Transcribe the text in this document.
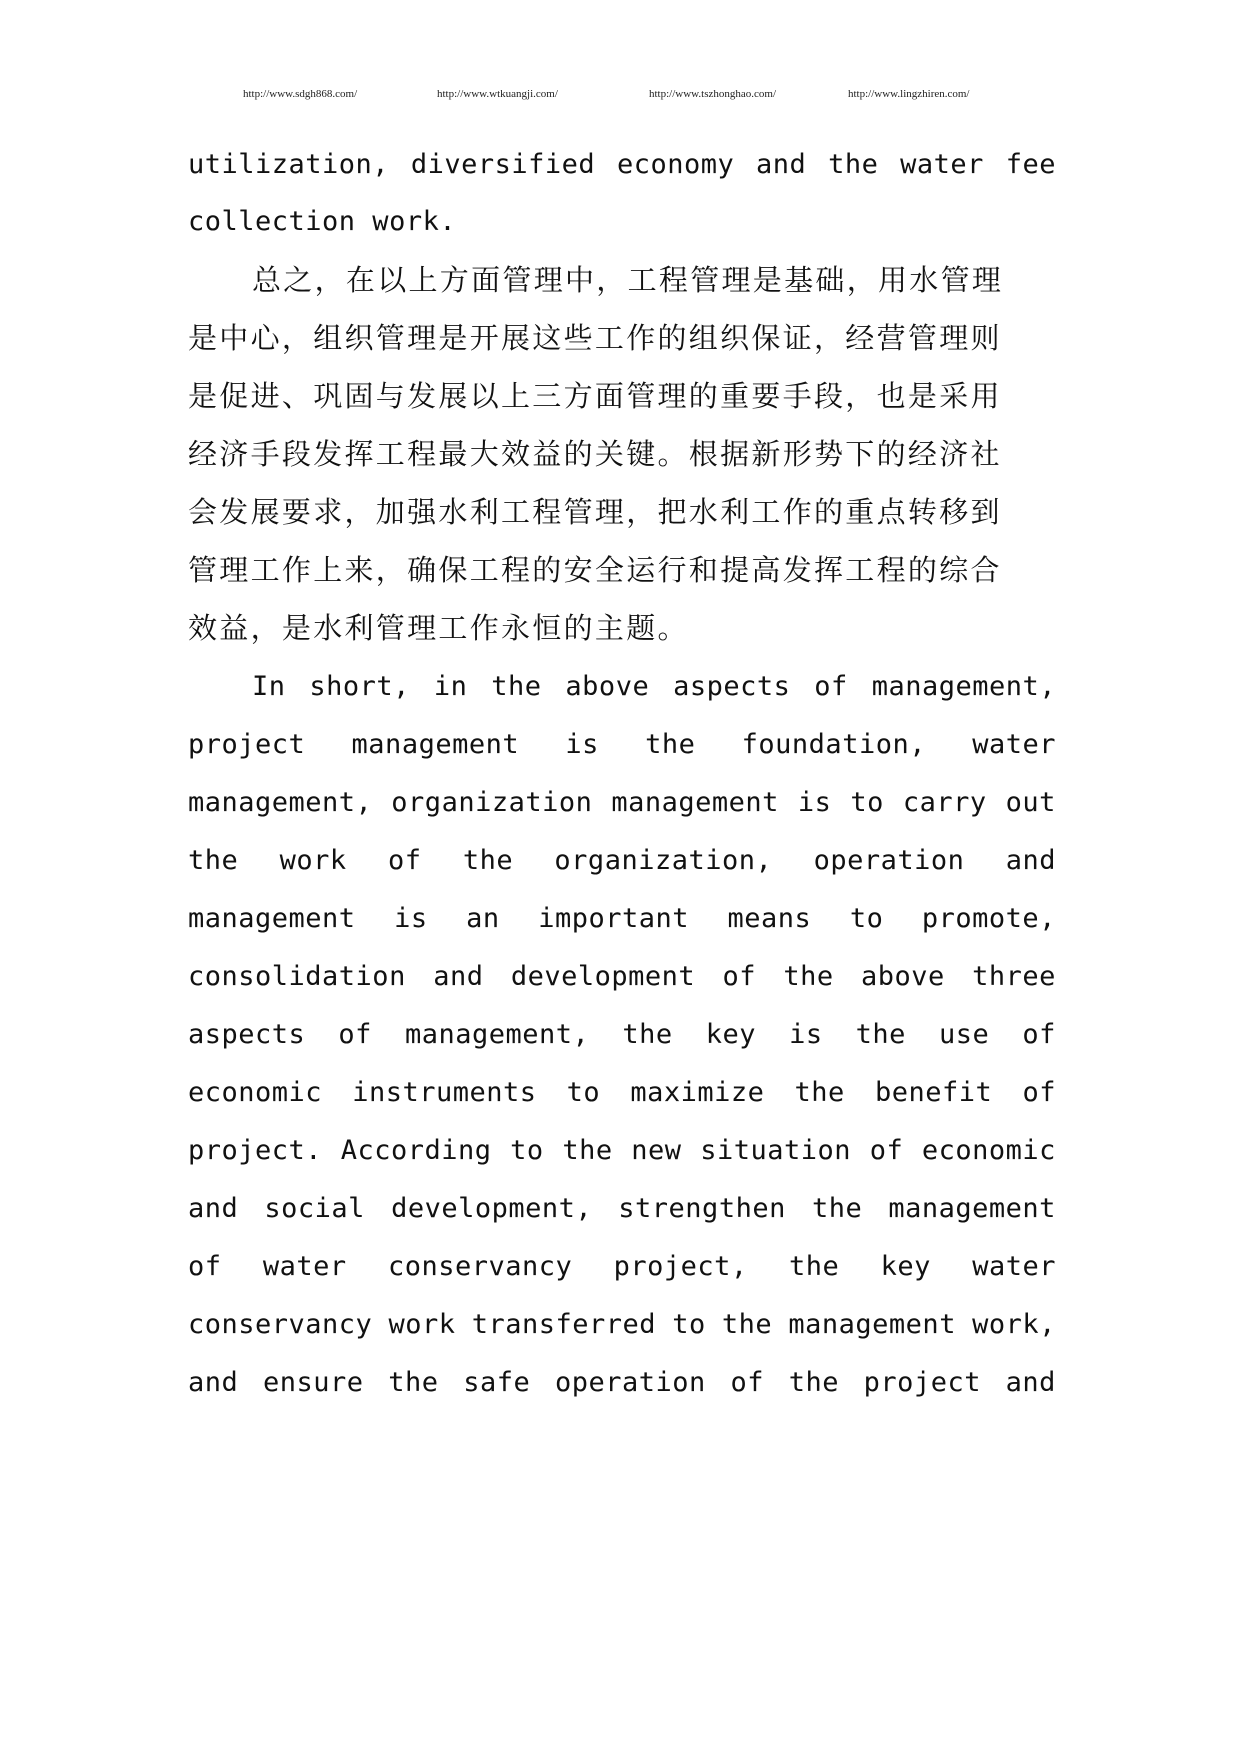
http://www.sdgh868.com/	http://www.wtkuangji.com/	http://www.tszhonghao.com/	http://www.lingzhiren.com/
utilization, diversified economy and the water fee
collection work.
总之，在以上方面管理中，工程管理是基础，用水管理
是中心，组织管理是开展这些工作的组织保证，经营管理则
是促进、巩固与发展以上三方面管理的重要手段，也是采用
经济手段发挥工程最大效益的关键。根据新形势下的经济社
会发展要求，加强水利工程管理，把水利工作的重点转移到
管理工作上来，确保工程的安全运行和提高发挥工程的综合
效益，是水利管理工作永恒的主题。
In short, in the above aspects of management,
project management is the foundation, water
management, organization management is to carry out
the work of the organization, operation and
management is an important means to promote,
consolidation and development of the above three
aspects of management, the key is the use of
economic instruments to maximize the benefit of
project. According to the new situation of economic
and social development, strengthen the management
of water conservancy project, the key water
conservancy work transferred to the management work,
and ensure the safe operation of the project and
